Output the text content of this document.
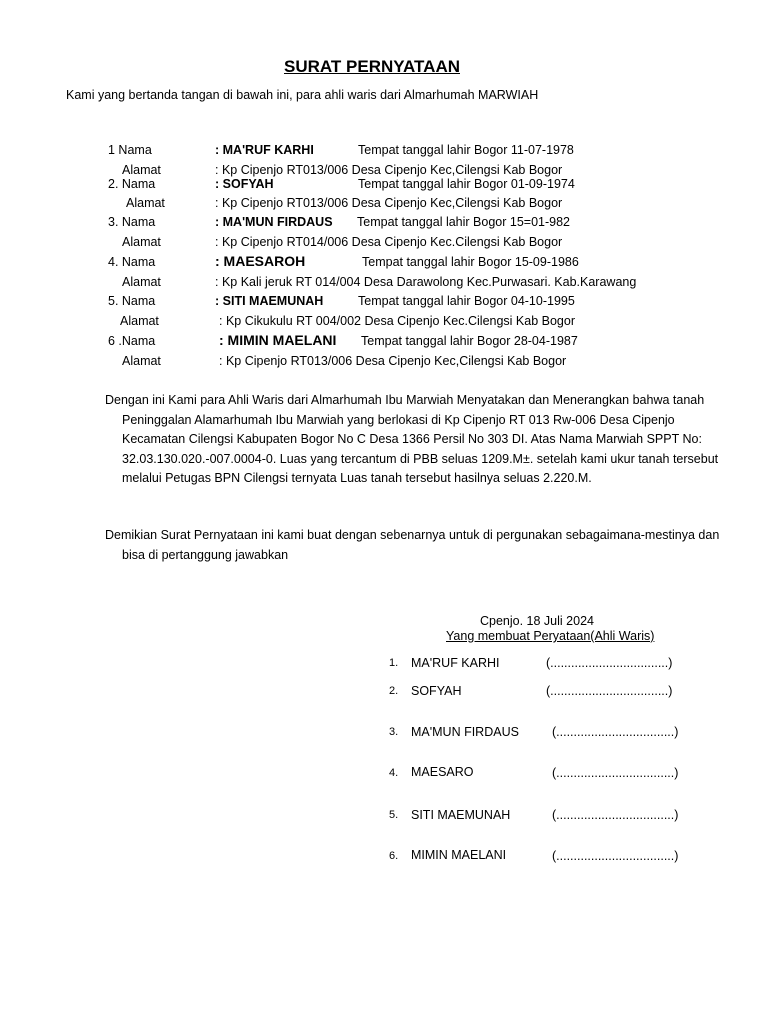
SURAT PERNYATAAN
Kami yang bertanda tangan di bawah ini, para ahli waris dari Almarhumah MARWIAH
1 Nama	: MA'RUF KARHI	Tempat tanggal lahir Bogor 11-07-1978
Alamat	: Kp Cipenjo RT013/006 Desa Cipenjo Kec,Cilengsi Kab Bogor
2. Nama	: SOFYAH	Tempat tanggal lahir Bogor 01-09-1974
Alamat	: Kp Cipenjo RT013/006 Desa Cipenjo Kec,Cilengsi Kab Bogor
3. Nama	: MA'MUN FIRDAUS Tempat tanggal lahir Bogor 15=01-982
Alamat	: Kp Cipenjo RT014/006 Desa Cipenjo Kec.Cilengsi Kab Bogor
4. Nama	: MAESAROH	Tempat tanggal lahir Bogor 15-09-1986
Alamat	: Kp Kali jeruk RT 014/004 Desa Darawolong Kec.Purwasari. Kab.Karawang
5. Nama	: SITI MAEMUNAH	Tempat tanggal lahir Bogor 04-10-1995
Alamat	: Kp Cikukulu RT 004/002 Desa Cipenjo Kec.Cilengsi Kab Bogor
6 .Nama	: MIMIN MAELANI Tempat tanggal lahir Bogor 28-04-1987
Alamat	: Kp Cipenjo RT013/006 Desa Cipenjo Kec,Cilengsi Kab Bogor
Dengan ini Kami para Ahli Waris dari Almarhumah Ibu Marwiah Menyatakan dan Menerangkan bahwa tanah Peninggalan Alamarhumah Ibu Marwiah yang berlokasi di Kp Cipenjo RT 013 Rw-006 Desa Cipenjo Kecamatan Cilengsi Kabupaten Bogor No C Desa 1366 Persil No 303 DI. Atas Nama Marwiah SPPT No: 32.03.130.020.-007.0004-0. Luas yang tercantum di PBB seluas 1209.M±. setelah kami ukur tanah tersebut melalui Petugas BPN Cilengsi ternyata Luas tanah tersebut hasilnya seluas 2.220.M.
Demikian Surat Pernyataan ini kami buat dengan sebenarnya untuk di pergunakan sebagaimana-mestinya dan bisa di pertanggung jawabkan
Cpenjo. 18 Juli 2024
Yang membuat Peryataan(Ahli Waris)
1. MA'RUF KARHI	(..................................)
2. SOFYAH	(..................................)
3. MA'MUN FIRDAUS	(..................................)
4. MAESARO	(..................................)
5. SITI MAEMUNAH	(..................................)
6. MIMIN MAELANI	(..................................)
